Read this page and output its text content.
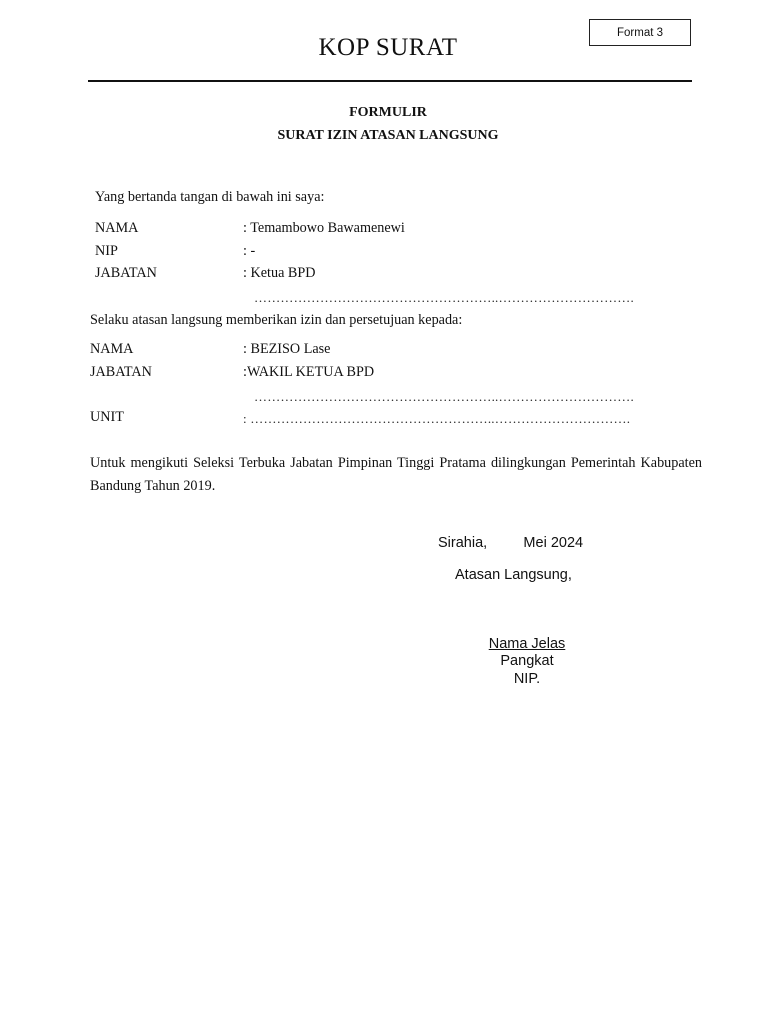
Format 3
KOP SURAT
FORMULIR
SURAT IZIN ATASAN LANGSUNG
Yang bertanda tangan di bawah ini saya:
NAMA	: Temambowo Bawamenewi
NIP	: -
JABATAN	: Ketua BPD
………………………………………………..………………………….
Selaku atasan langsung memberikan izin dan persetujuan kepada:
NAMA	: BEZISO Lase
JABATAN	:WAKIL KETUA BPD
………………………………………………..………………………….
UNIT	: ………………………………………………..………………………….
Untuk mengikuti Seleksi Terbuka Jabatan Pimpinan Tinggi Pratama dilingkungan Pemerintah Kabupaten Bandung Tahun 2019.
Sirahia,         Mei 2024
Atasan Langsung,
Nama Jelas
Pangkat
NIP.
